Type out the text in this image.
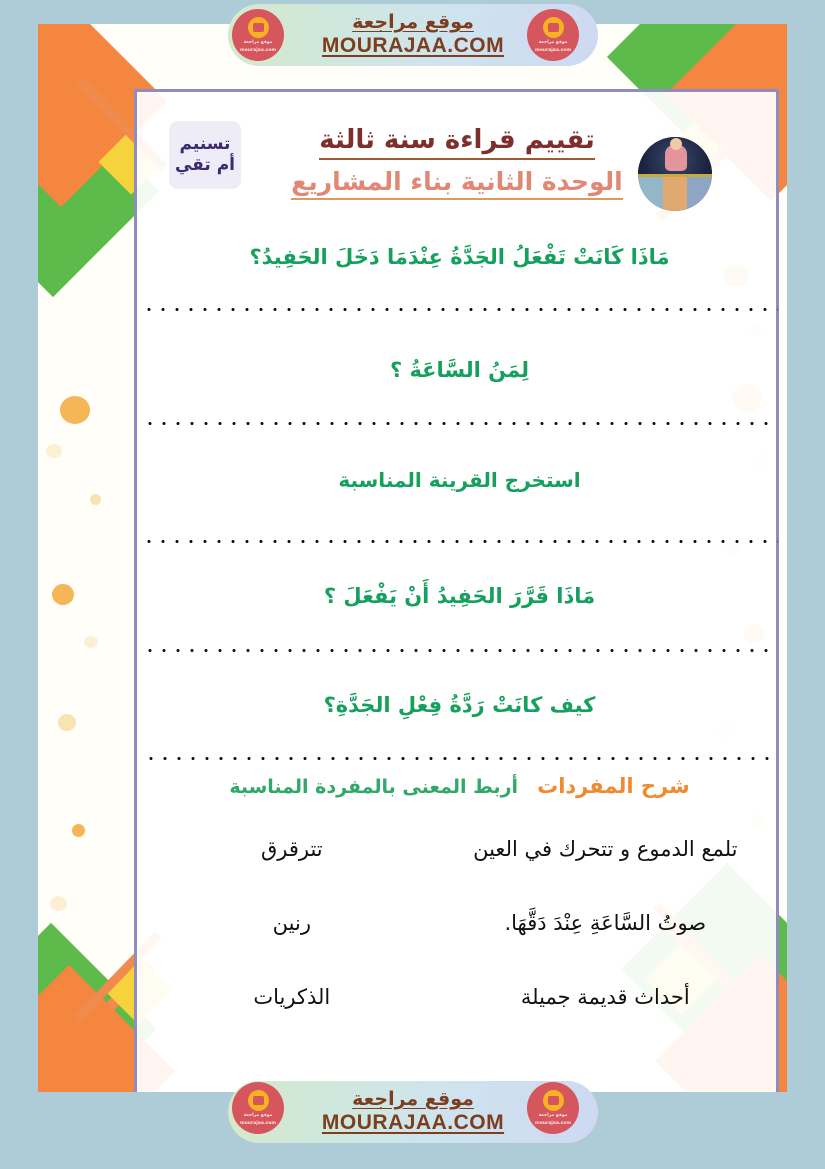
تسنيم
أم تقي
تقييم قراءة سنة ثالثة
الوحدة الثانية بناء المشاريع
مَاذَا كَانَتْ تَفْعَلُ الجَدَّةُ عِنْدَمَا دَخَلَ الحَفِيدُ؟
لِمَنُ السَّاعَةُ ؟
استخرج القرينة المناسبة
مَاذَا قَرَّرَ الحَفِيدُ أَنْ يَفْعَلَ ؟
كيف كانَتْ رَدَّةُ فِعْلِ الجَدَّةِ؟
شرح المفردات أربط المعنى بالمفردة المناسبة
تلمع الدموع و تتحرك في العين
تترقرق
صوتُ السَّاعَةِ عِنْدَ دَقَّهَا.
رنين
أحداث قديمة جميلة
الذكريات
موقع مراجعة
MOURAJAA.COM
موقع مراجعة
mourajaa.com
موقع مراجعة
mourajaa.com
موقع مراجعة
MOURAJAA.COM
موقع مراجعة
mourajaa.com
موقع مراجعة
mourajaa.com
